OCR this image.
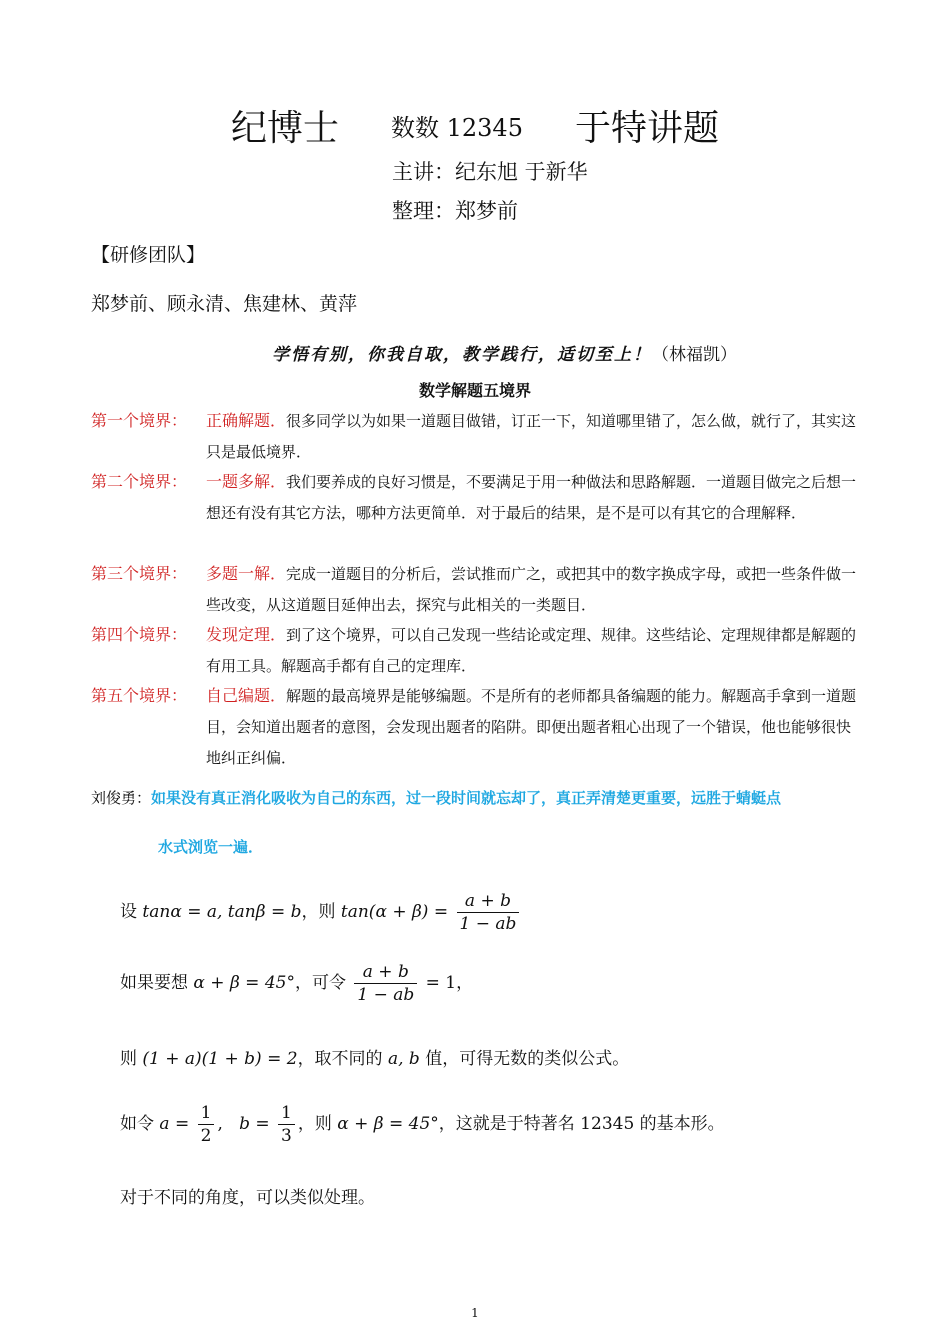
纪博士 数数 12345 于特讲题
主讲：纪东旭 于新华
整理：郑梦前
【研修团队】
郑梦前、顾永清、焦建林、黄萍
学悟有别，你我自取，教学践行，适切至上！（林福凯）
数学解题五境界
第一个境界： 正确解题．很多同学以为如果一道题目做错，订正一下，知道哪里错了，怎么做，就行了，其实这只是最低境界．
第二个境界： 一题多解．我们要养成的良好习惯是，不要满足于用一种做法和思路解题．一道题目做完之后想一想还有没有其它方法，哪种方法更简单．对于最后的结果，是不是可以有其它的合理解释．
第三个境界： 多题一解．完成一道题目的分析后，尝试推而广之，或把其中的数字换成字母，或把一些条件做一些改变，从这道题目延伸出去，探究与此相关的一类题目．
第四个境界： 发现定理．到了这个境界，可以自己发现一些结论或定理、规律。这些结论、定理规律都是解题的有用工具。解题高手都有自己的定理库．
第五个境界： 自己编题．解题的最高境界是能够编题。不是所有的老师都具备编题的能力。解题高手拿到一道题目，会知道出题者的意图，会发现出题者的陷阱。即便出题者粗心出现了一个错误，他也能够很快地纠正纠偏．
刘俊勇：如果没有真正消化吸收为自己的东西，过一段时间就忘却了，真正弄清楚更重要，远胜于蜻蜓点
水式浏览一遍．
设 tanα = a, tanβ = b，则 $\tan(\alpha + \beta) = \frac{a + b}{1 - ab}$
如果要想 α + β = 45°，可令 $\frac{a + b}{1 - ab} = 1$，
则 (1 + a)(1 + b) = 2，取不同的 a, b 值，可得无数的类似公式。
如令 $a = \frac{1}{2}$ ,   $b = \frac{1}{3}$ ，则 α + β = 45°，这就是于特著名 12345 的基本形。
对于不同的角度，可以类似处理。
1
